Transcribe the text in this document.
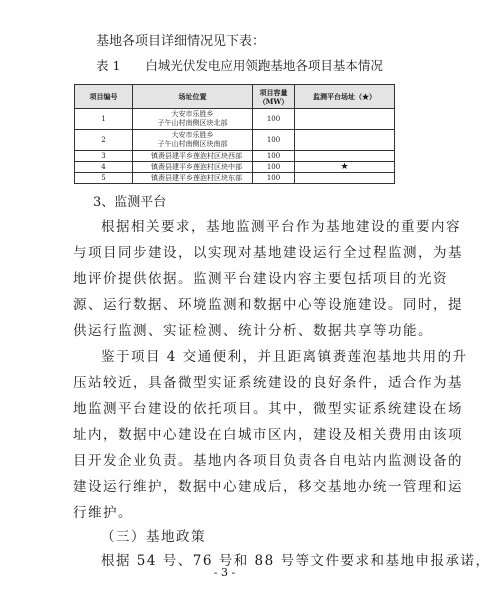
基地各项目详细情况见下表：
表 1　　白城光伏发电应用领跑基地各项目基本情况
项目编号	场址位置	项目容量（MW）	监测平台场址（★）
1	大安市乐胜乡
子午山村南侧区块北部	100	
2	大安市乐胜乡
子午山村南侧区块南部	100	
3	镇赉县建平乡莲泡村区块西部	100	
4	镇赉县建平乡莲泡村区块中部	100	★
5	镇赉县建平乡莲泡村区块东部	100	
3、监测平台
根据相关要求，基地监测平台作为基地建设的重要内容
与项目同步建设，以实现对基地建设运行全过程监测，为基
地评价提供依据。监测平台建设内容主要包括项目的光资
源、运行数据、环境监测和数据中心等设施建设。同时，提
供运行监测、实证检测、统计分析、数据共享等功能。
鉴于项目 4 交通便利，并且距离镇赉莲泡基地共用的升
压站较近，具备微型实证系统建设的良好条件，适合作为基
地监测平台建设的依托项目。其中，微型实证系统建设在场
址内，数据中心建设在白城市区内，建设及相关费用由该项
目开发企业负责。基地内各项目负责各自电站内监测设备的
建设运行维护，数据中心建成后，移交基地办统一管理和运
行维护。
（三）基地政策
根据 54 号、76 号和 88 号等文件要求和基地申报承诺，
- 3 -
